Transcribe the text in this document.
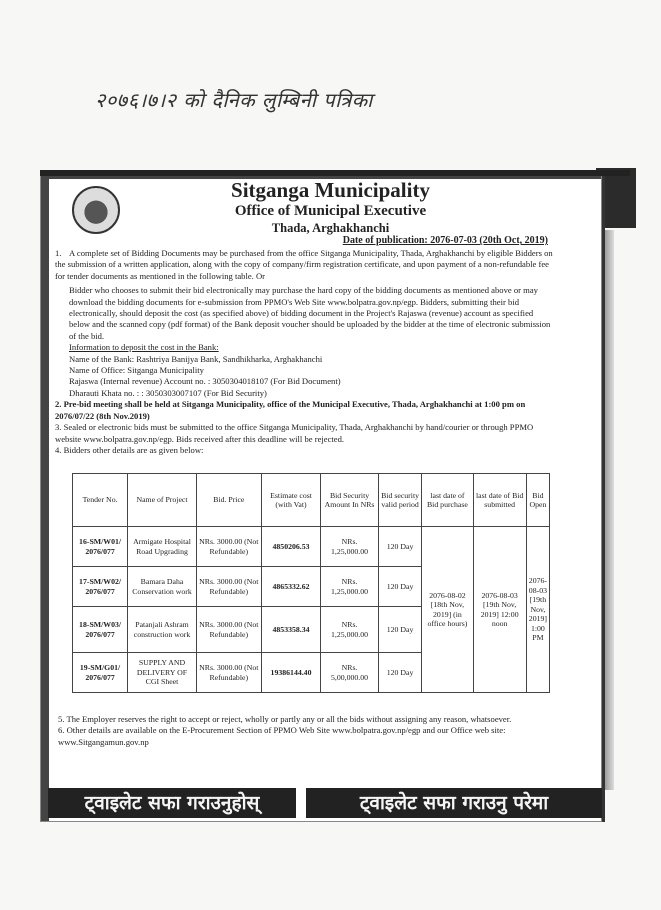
२०७६।७।२ को दैनिक लुम्बिनी पत्रिका
Sitganga Municipality
Office of Municipal Executive
Thada, Arghakhanchi
Date of publication: 2076-07-03 (20th Oct, 2019)

1. A complete set of Bidding Documents may be purchased from the office Sitganga Municipality, Thada, Arghakhanchi by eligible Bidders on the submission of a written application, along with the copy of company/firm registration certificate, and upon payment of a non-refundable fee for tender documents as mentioned in the following table. Or

Bidder who chooses to submit their bid electronically may purchase the hard copy of the bidding documents as mentioned above or may download the bidding documents for e-submission from PPMO's Web Site www.bolpatra.gov.np/egp. Bidders, submitting their bid electronically, should deposit the cost (as specified above) of bidding document in the Project's Rajaswa (revenue) account as specified below and the scanned copy (pdf format) of the Bank deposit voucher should be uploaded by the bidder at the time of electronic submission of the bid.

Information to deposit the cost in the Bank:

Name of the Bank: Rashtriya Banijya Bank, Sandhikharka, Arghakhanchi

Name of Office: Sitganga Municipality

Rajaswa (Internal revenue) Account no. : 3050304018107 (For Bid Document)

Dharauti Khata no. : : 3050303007107 (For Bid Security)

2. Pre-bid meeting shall be held at Sitganga Municipality, office of the Municipal Executive, Thada, Arghakhanchi at 1:00 pm on 2076/07/22 (8th Nov.2019)

3. Sealed or electronic bids must be submitted to the office Sitganga Municipality, Thada, Arghakhanchi by hand/courier or through PPMO website www.bolpatra.gov.np/egp. Bids received after this deadline will be rejected.

4. Bidders other details are as given below:

Tender No.	Name of Project	Bid. Price	Estimate cost (with Vat)	Bid Security Amount In NRs	Bid security valid period	last date of Bid purchase	last date of Bid submitted	Bid Open
16-SM/W01/ 2076/077	Armigate Hospital Road Upgrading	NRs. 3000.00 (Not Refundable)	4850206.53	NRs. 1,25,000.00	120 Day	2076-08-02 [18th Nov, 2019] (in office hours)	2076-08-03 [19th Nov, 2019] 12:00 noon	2076-08-03 [19th Nov, 2019] 1:00 PM
17-SM/W02/ 2076/077	Bamara Daha Conservation work	NRs. 3000.00 (Not Refundable)	4865332.62	NRs. 1,25,000.00	120 Day			
18-SM/W03/ 2076/077	Patanjali Ashram construction work	NRs. 3000.00 (Not Refundable)	4853358.34	NRs. 1,25,000.00	120 Day			
19-SM/G01/ 2076/077	SUPPLY AND DELIVERY OF CGI Sheet	NRs. 3000.00 (Not Refundable)	19386144.40	NRs. 5,00,000.00	120 Day			

5. The Employer reserves the right to accept or reject, wholly or partly any or all the bids without assigning any reason, whatsoever.

6. Other details are available on the E-Procurement Section of PPMO Web Site www.bolpatra.gov.np/egp and our Office web site: www.Sitgangamun.gov.np

ट्वाइलेट सफा गराउनुहोस्	ट्वाइलेट सफा गराउनु परेमा
